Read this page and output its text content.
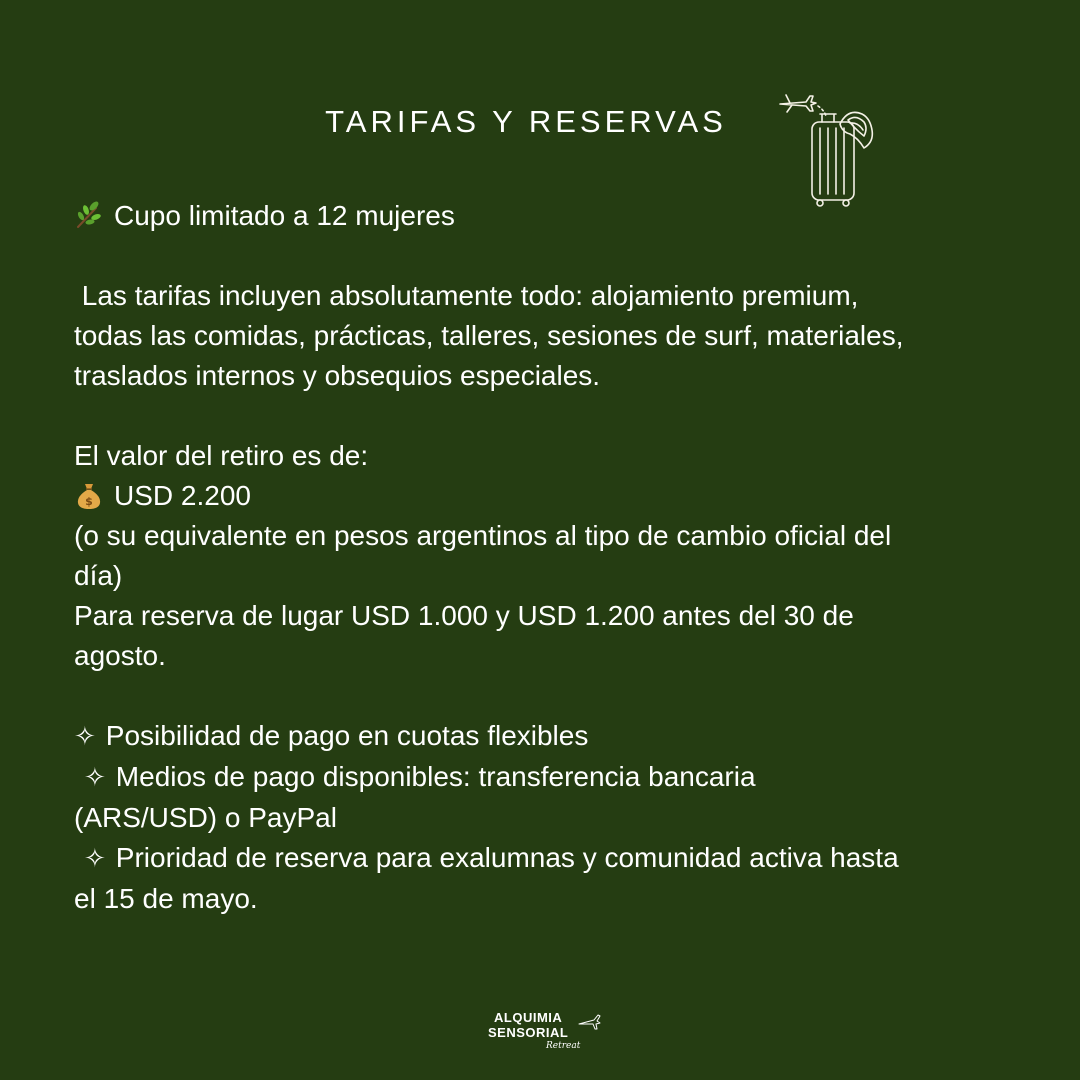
TARIFAS Y RESERVAS
Cupo limitado a 12 mujeres
Las tarifas incluyen absolutamente todo: alojamiento premium,
todas las comidas, prácticas, talleres, sesiones de surf, materiales,
traslados internos y obsequios especiales.
El valor del retiro es de:
$ USD 2.200
(o su equivalente en pesos argentinos al tipo de cambio oficial del
día)
Para reserva de lugar USD 1.000 y USD 1.200 antes del 30 de
agosto.
✧ Posibilidad de pago en cuotas flexibles
✧ Medios de pago disponibles: transferencia bancaria
(ARS/USD) o PayPal
✧ Prioridad de reserva para exalumnas y comunidad activa hasta
el 15 de mayo.
ALQUIMIA
SENSORIAL
Retreat
